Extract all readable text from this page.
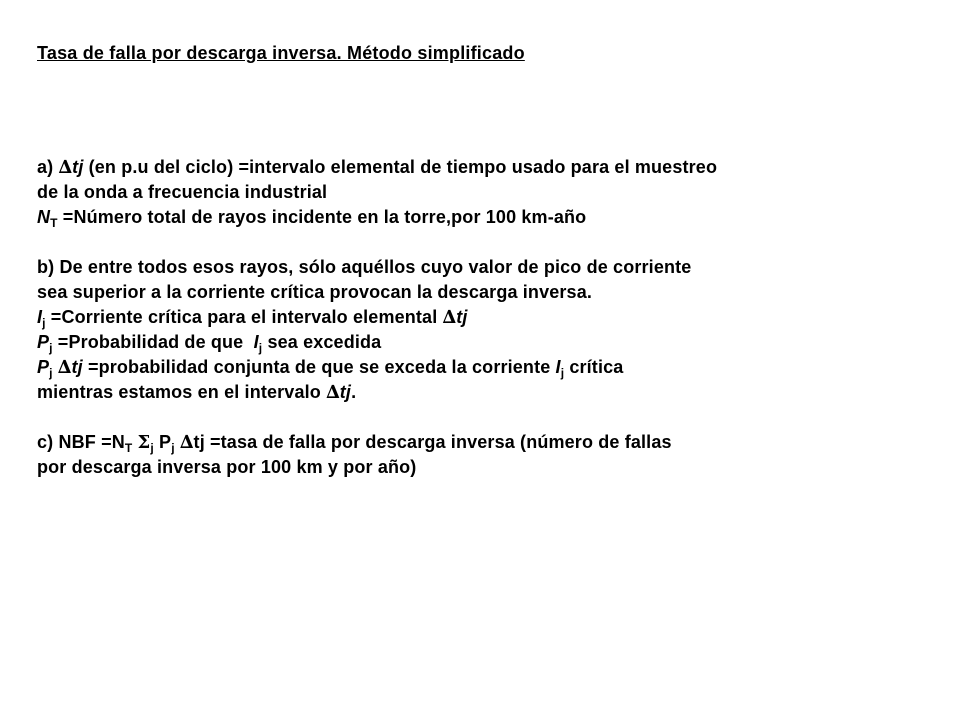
Tasa de falla por descarga inversa. Método simplificado
a) ∆tj (en p.u del ciclo) =intervalo elemental de tiempo usado para el muestreo
de la onda a frecuencia industrial
$N_T$ =Número total de rayos incidente en la torre,por 100 km-año
b) De entre todos esos rayos, sólo aquéllos cuyo valor de pico de corriente
sea superior a la corriente crítica provocan la descarga inversa.
$I_j$ =Corriente crítica para el intervalo elemental ∆tj
$P_j$ =Probabilidad de que $I_j$ sea excedida
$P_j$ ∆tj =probabilidad conjunta de que se exceda la corriente $I_j$ crítica
mientras estamos en el intervalo ∆tj.
c) NBF $=N_T$ $\Sigma_j$ $P_j$ ∆tj =tasa de falla por descarga inversa (número de fallas
por descarga inversa por 100 km y por año)
